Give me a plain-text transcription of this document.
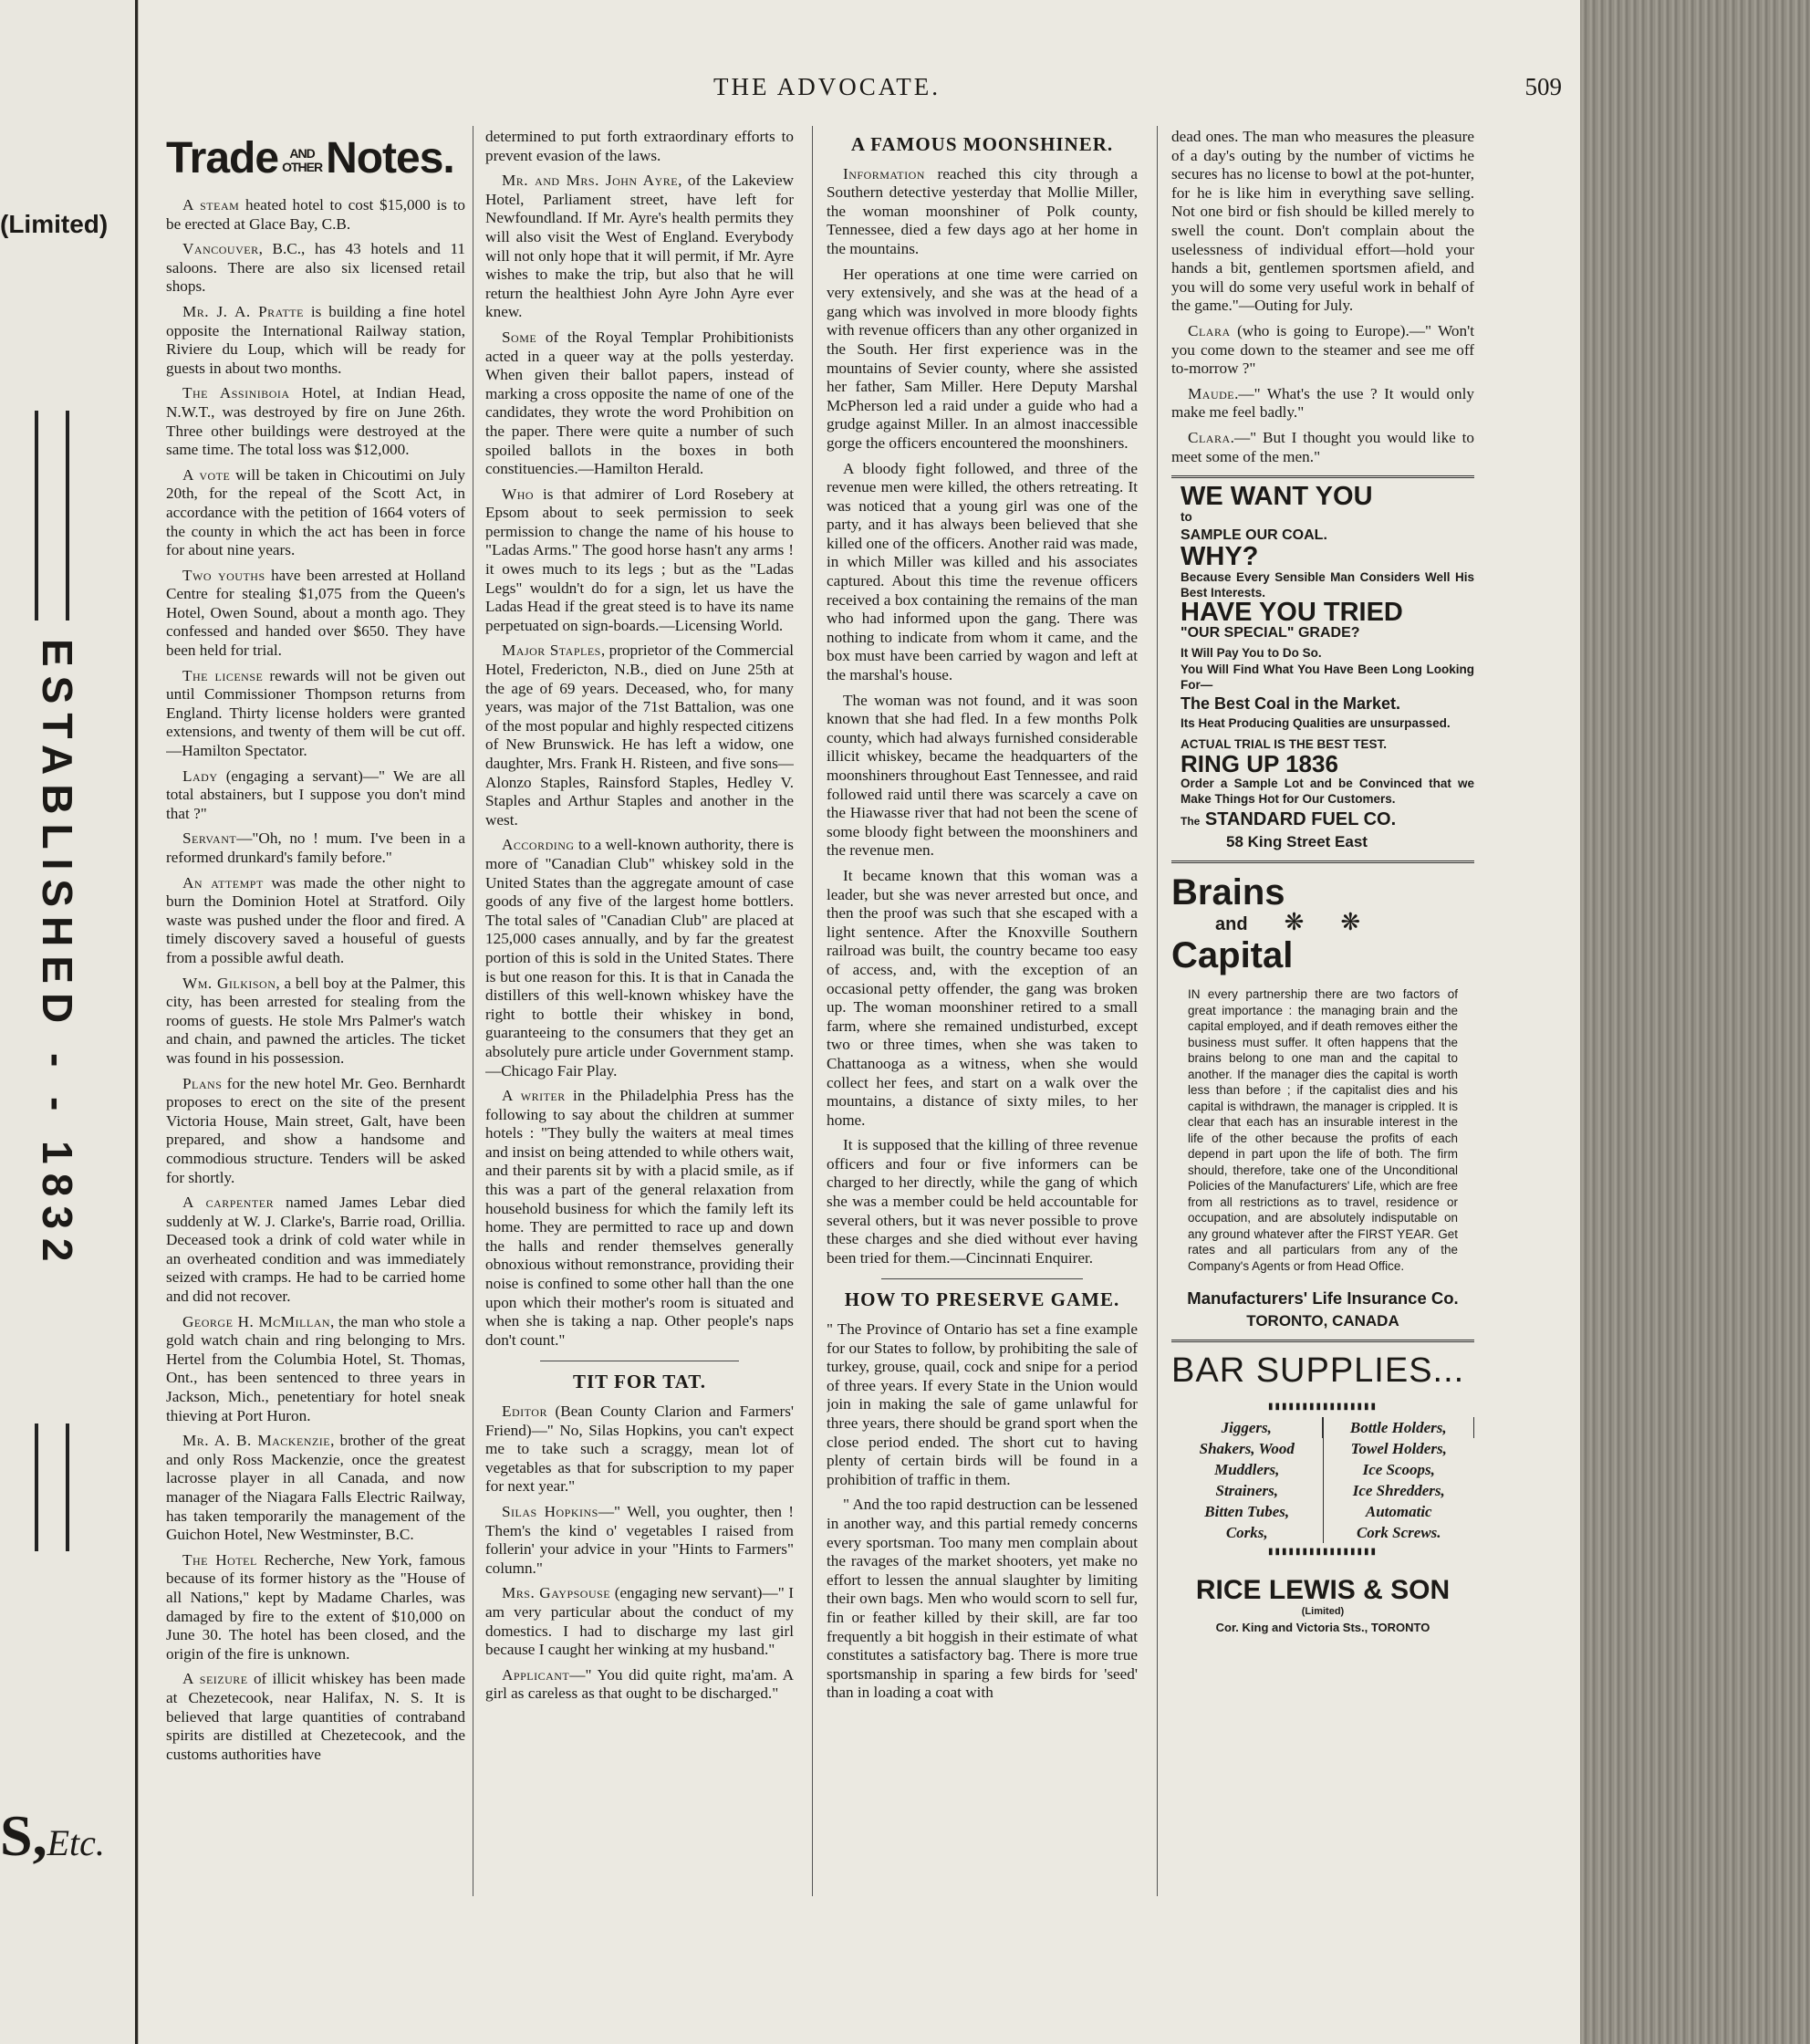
(Limited)
ESTABLISHED - - 1832
S,Etc.
THE ADVOCATE.	509
Trade AND
OTHERNotes.

A steam heated hotel to cost $15,000 is to be erected at Glace Bay, C.B.

Vancouver, B.C., has 43 hotels and 11 saloons. There are also six licensed retail shops.

Mr. J. A. Pratte is building a fine hotel opposite the International Railway station, Riviere du Loup, which will be ready for guests in about two months.

The Assiniboia Hotel, at Indian Head, N.W.T., was destroyed by fire on June 26th. Three other buildings were destroyed at the same time. The total loss was $12,000.

A vote will be taken in Chicoutimi on July 20th, for the repeal of the Scott Act, in accordance with the petition of 1664 voters of the county in which the act has been in force for about nine years.

Two youths have been arrested at Holland Centre for stealing $1,075 from the Queen's Hotel, Owen Sound, about a month ago. They confessed and handed over $650. They have been held for trial.

The license rewards will not be given out until Commissioner Thompson returns from England. Thirty license holders were granted extensions, and twenty of them will be cut off.—Hamilton Spectator.

Lady (engaging a servant)—" We are all total abstainers, but I suppose you don't mind that ?"

Servant—"Oh, no ! mum. I've been in a reformed drunkard's family before."

An attempt was made the other night to burn the Dominion Hotel at Stratford. Oily waste was pushed under the floor and fired. A timely discovery saved a houseful of guests from a possible awful death.

Wm. Gilkison, a bell boy at the Palmer, this city, has been arrested for stealing from the rooms of guests. He stole Mrs Palmer's watch and chain, and pawned the articles. The ticket was found in his possession.

Plans for the new hotel Mr. Geo. Bernhardt proposes to erect on the site of the present Victoria House, Main street, Galt, have been prepared, and show a handsome and commodious structure. Tenders will be asked for shortly.

A carpenter named James Lebar died suddenly at W. J. Clarke's, Barrie road, Orillia. Deceased took a drink of cold water while in an overheated condition and was immediately seized with cramps. He had to be carried home and did not recover.

George H. McMillan, the man who stole a gold watch chain and ring belonging to Mrs. Hertel from the Columbia Hotel, St. Thomas, Ont., has been sentenced to three years in Jackson, Mich., penetentiary for hotel sneak thieving at Port Huron.

Mr. A. B. Mackenzie, brother of the great and only Ross Mackenzie, once the greatest lacrosse player in all Canada, and now manager of the Niagara Falls Electric Railway, has taken temporarily the management of the Guichon Hotel, New Westminster, B.C.

The Hotel Recherche, New York, famous because of its former history as the "House of all Nations," kept by Madame Charles, was damaged by fire to the extent of $10,000 on June 30. The hotel has been closed, and the origin of the fire is unknown.

A seizure of illicit whiskey has been made at Chezetecook, near Halifax, N. S. It is believed that large quantities of contraband spirits are distilled at Chezetecook, and the customs authorities have

determined to put forth extraordinary efforts to prevent evasion of the laws.

Mr. and Mrs. John Ayre, of the Lakeview Hotel, Parliament street, have left for Newfoundland. If Mr. Ayre's health permits they will also visit the West of England. Everybody will not only hope that it will permit, if Mr. Ayre wishes to make the trip, but also that he will return the healthiest John Ayre John Ayre ever knew.

Some of the Royal Templar Prohibitionists acted in a queer way at the polls yesterday. When given their ballot papers, instead of marking a cross opposite the name of one of the candidates, they wrote the word Prohibition on the paper. There were quite a number of such spoiled ballots in the boxes in both constituencies.—Hamilton Herald.

Who is that admirer of Lord Rosebery at Epsom about to seek permission to seek permission to change the name of his house to "Ladas Arms." The good horse hasn't any arms ! it owes much to its legs ; but as the "Ladas Legs" wouldn't do for a sign, let us have the Ladas Head if the great steed is to have its name perpetuated on sign-boards.—Licensing World.

Major Staples, proprietor of the Commercial Hotel, Fredericton, N.B., died on June 25th at the age of 69 years. Deceased, who, for many years, was major of the 71st Battalion, was one of the most popular and highly respected citizens of New Brunswick. He has left a widow, one daughter, Mrs. Frank H. Risteen, and five sons—Alonzo Staples, Rainsford Staples, Hedley V. Staples and Arthur Staples and another in the west.

According to a well-known authority, there is more of "Canadian Club" whiskey sold in the United States than the aggregate amount of case goods of any five of the largest home bottlers. The total sales of "Canadian Club" are placed at 125,000 cases annually, and by far the greatest portion of this is sold in the United States. There is but one reason for this. It is that in Canada the distillers of this well-known whiskey have the right to bottle their whiskey in bond, guaranteeing to the consumers that they get an absolutely pure article under Government stamp.—Chicago Fair Play.

A writer in the Philadelphia Press has the following to say about the children at summer hotels : "They bully the waiters at meal times and insist on being attended to while others wait, and their parents sit by with a placid smile, as if this was a part of the general relaxation from household business for which the family left its home. They are permitted to race up and down the halls and render themselves generally obnoxious without remonstrance, providing their noise is confined to some other hall than the one upon which their mother's room is situated and when she is taking a nap. Other people's naps don't count."

TIT FOR TAT.

Editor (Bean County Clarion and Farmers' Friend)—" No, Silas Hopkins, you can't expect me to take such a scraggy, mean lot of vegetables as that for subscription to my paper for next year."

Silas Hopkins—" Well, you oughter, then ! Them's the kind o' vegetables I raised from follerin' your advice in your "Hints to Farmers" column."

Mrs. Gaypsouse (engaging new servant)—" I am very particular about the conduct of my domestics. I had to discharge my last girl because I caught her winking at my husband."

Applicant—" You did quite right, ma'am. A girl as careless as that ought to be discharged."

A FAMOUS MOONSHINER.

Information reached this city through a Southern detective yesterday that Mollie Miller, the woman moonshiner of Polk county, Tennessee, died a few days ago at her home in the mountains.

Her operations at one time were carried on very extensively, and she was at the head of a gang which was involved in more bloody fights with revenue officers than any other organized in the South. Her first experience was in the mountains of Sevier county, where she assisted her father, Sam Miller. Here Deputy Marshal McPherson led a raid under a guide who had a grudge against Miller. In an almost inaccessible gorge the officers encountered the moonshiners.

A bloody fight followed, and three of the revenue men were killed, the others retreating. It was noticed that a young girl was one of the party, and it has always been believed that she killed one of the officers. Another raid was made, in which Miller was killed and his associates captured. About this time the revenue officers received a box containing the remains of the man who had informed upon the gang. There was nothing to indicate from whom it came, and the box must have been carried by wagon and left at the marshal's house.

The woman was not found, and it was soon known that she had fled. In a few months Polk county, which had always furnished considerable illicit whiskey, became the headquarters of the moonshiners throughout East Tennessee, and raid followed raid until there was scarcely a cave on the Hiawasse river that had not been the scene of some bloody fight between the moonshiners and the revenue men.

It became known that this woman was a leader, but she was never arrested but once, and then the proof was such that she escaped with a light sentence. After the Knoxville Southern railroad was built, the country became too easy of access, and, with the exception of an occasional petty offender, the gang was broken up. The woman moonshiner retired to a small farm, where she remained undisturbed, except two or three times, when she was taken to Chattanooga as a witness, when she would collect her fees, and start on a walk over the mountains, a distance of sixty miles, to her home.

It is supposed that the killing of three revenue officers and four or five informers can be charged to her directly, while the gang of which she was a member could be held accountable for several others, but it was never possible to prove these charges and she died without ever having been tried for them.—Cincinnati Enquirer.

HOW TO PRESERVE GAME.

" The Province of Ontario has set a fine example for our States to follow, by prohibiting the sale of turkey, grouse, quail, cock and snipe for a period of three years. If every State in the Union would join in making the sale of game unlawful for three years, there should be grand sport when the close period ended. The short cut to having plenty of certain birds will be found in a prohibition of traffic in them.

" And the too rapid destruction can be lessened in another way, and this partial remedy concerns every sportsman. Too many men complain about the ravages of the market shooters, yet make no effort to lessen the annual slaughter by limiting their own bags. Men who would scorn to sell fur, fin or feather killed by their skill, are far too frequently a bit hoggish in their estimate of what constitutes a satisfactory bag. There is more true sportsmanship in sparing a few birds for 'seed' than in loading a coat with

dead ones. The man who measures the pleasure of a day's outing by the number of victims he secures has no license to bowl at the pot-hunter, for he is like him in everything save selling. Not one bird or fish should be killed merely to swell the count. Don't complain about the uselessness of individual effort—hold your hands a bit, gentlemen sportsmen afield, and you will do some very useful work in behalf of the game."—Outing for July.

Clara (who is going to Europe).—" Won't you come down to the steamer and see me off to-morrow ?"

Maude.—" What's the use ? It would only make me feel badly."

Clara.—" But I thought you would like to meet some of the men."

WE WANT YOU
to
SAMPLE OUR COAL.
WHY?
Because Every Sensible Man Considers Well His Best Interests.
HAVE YOU TRIED
"OUR SPECIAL" GRADE?
It Will Pay You to Do So.
You Will Find What You Have Been Long Looking For—
The Best Coal in the Market.
Its Heat Producing Qualities are unsurpassed.
ACTUAL TRIAL IS THE BEST TEST.
RING UP 1836
Order a Sample Lot and be Convinced that we Make Things Hot for Our Customers.
The STANDARD FUEL CO.
58 King Street East
Brains
and ❋ ❋
Capital
IN every partnership there are two factors of great importance : the managing brain and the capital employed, and if death removes either the business must suffer. It often happens that the brains belong to one man and the capital to another. If the manager dies the capital is worth less than before ; if the capitalist dies and his capital is withdrawn, the manager is crippled. It is clear that each has an insurable interest in the life of the other because the profits of each depend in part upon the life of both. The firm should, therefore, take one of the Unconditional Policies of the Manufacturers' Life, which are free from all restrictions as to travel, residence or occupation, and are absolutely indisputable on any ground whatever after the FIRST YEAR. Get rates and all particulars from any of the Company's Agents or from Head Office.
Manufacturers' Life Insurance Co.
TORONTO, CANADA
BAR SUPPLIES...
▮▮▮▮▮▮▮▮▮▮▮▮▮▮▮▮
Jiggers,
Shakers, Wood
Muddlers,
Strainers,
Bitten Tubes,
Corks,
Bottle Holders,
Towel Holders,
Ice Scoops,
Ice Shredders,
Automatic
Cork Screws.
▮▮▮▮▮▮▮▮▮▮▮▮▮▮▮▮
RICE LEWIS & SON
(Limited)
Cor. King and Victoria Sts., TORONTO
